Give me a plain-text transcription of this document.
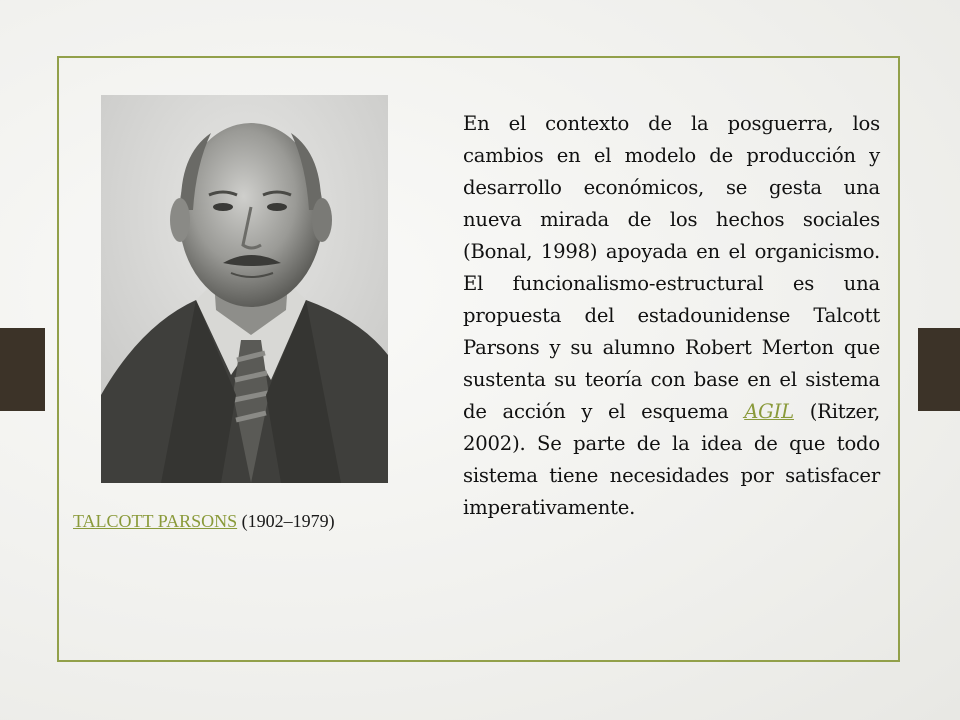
TALCOTT PARSONS (1902–1979)
En el contexto de la posguerra, los cambios en el modelo de producción y desarrollo económicos, se gesta una nueva mirada de los hechos sociales (Bonal, 1998) apoyada en el organicismo. El funcionalismo-estructural es una propuesta del estadounidense Talcott Parsons y su alumno Robert Merton que sustenta su teoría con base en el sistema de acción y el esquema AGIL (Ritzer, 2002). Se parte de la idea de que todo sistema tiene necesidades por satisfacer imperativamente.
